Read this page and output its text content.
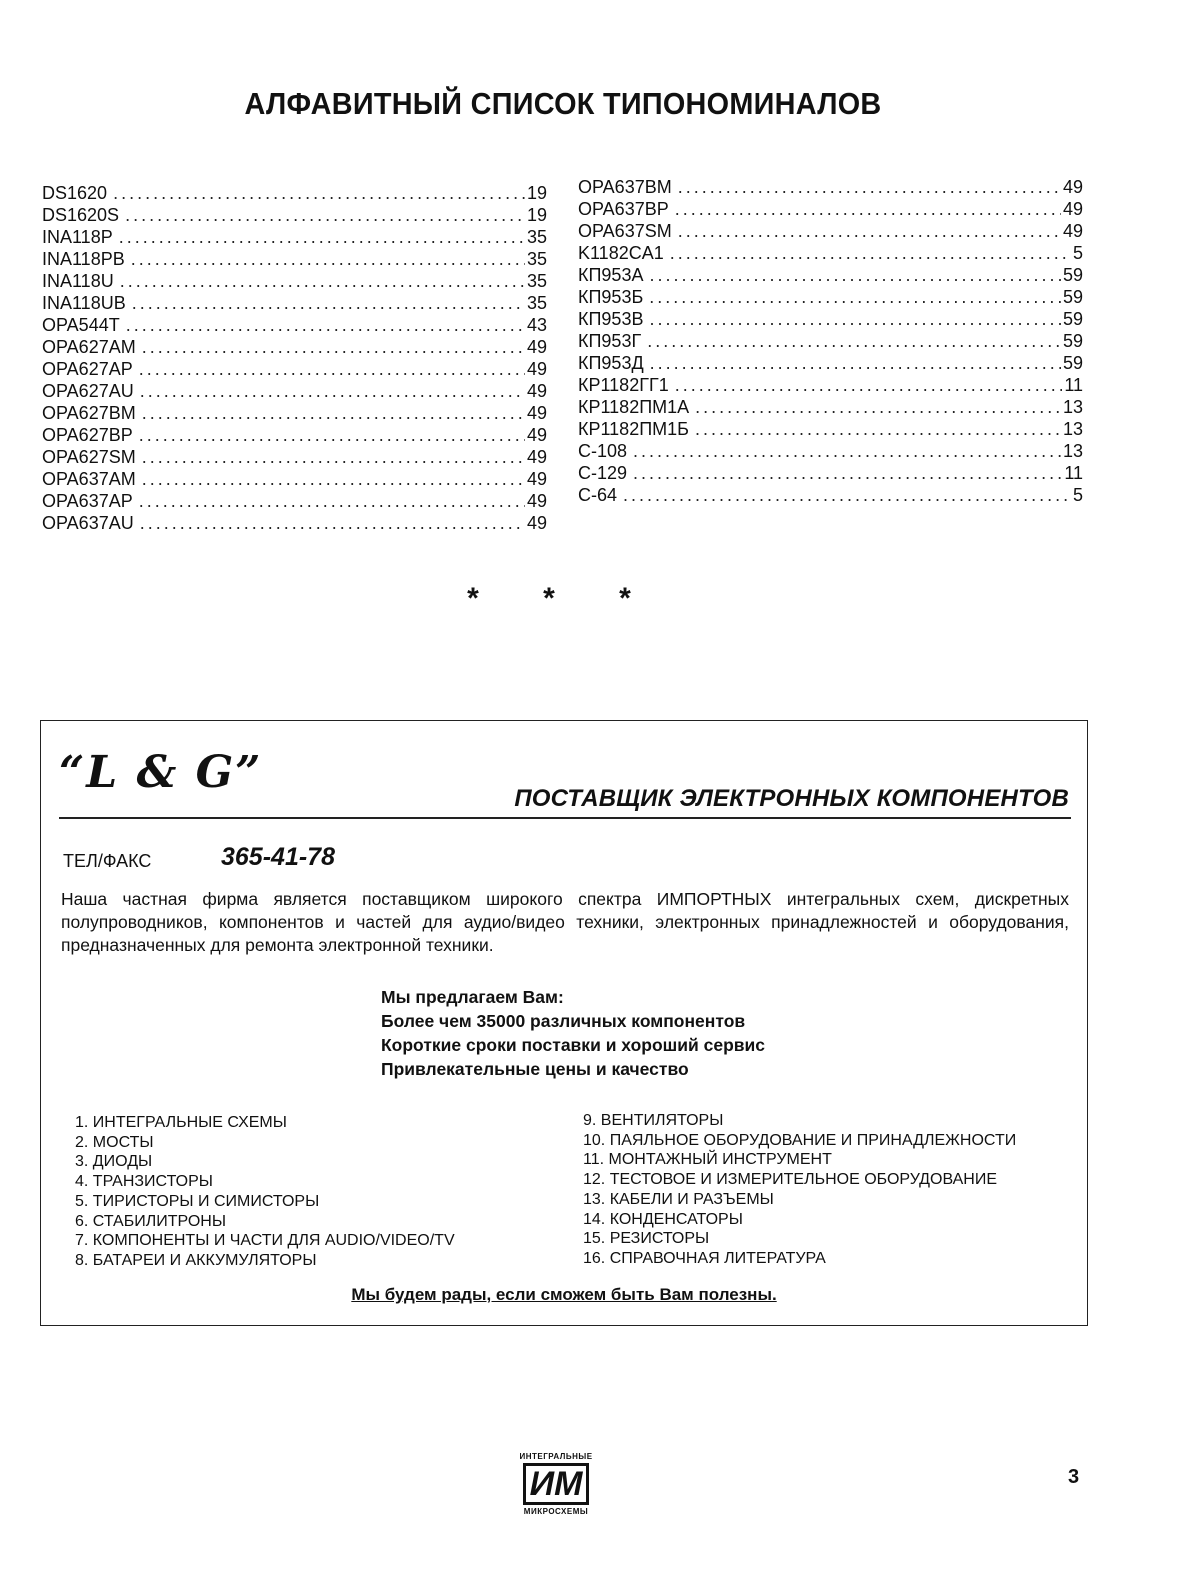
АЛФАВИТНЫЙ СПИСОК ТИПОНОМИНАЛОВ
DS1620 .....	19
DS1620S .....	19
INA118P .....	35
INA118PB .....	35
INA118U .....	35
INA118UB .....	35
OPA544T .....	43
OPA627AM .....	49
OPA627AP .....	49
OPA627AU .....	49
OPA627BM .....	49
OPA627BP .....	49
OPA627SM .....	49
OPA637AM .....	49
OPA637AP .....	49
OPA637AU .....	49
OPA637BM .....	49
OPA637BP .....	49
OPA637SM .....	49
K1182CA1 .....	5
КП953А .....	59
КП953Б .....	59
КП953В .....	59
КП953Г .....	59
КП953Д .....	59
КР1182ГГ1 .....	11
КР1182ПМ1А .....	13
КР1182ПМ1Б .....	13
С-108 .....	13
С-129 .....	11
С-64 .....	5
* * *
“L & G”
ПОСТАВЩИК ЭЛЕКТРОННЫХ КОМПОНЕНТОВ
ТЕЛ/ФАКС	365-41-78
Наша частная фирма является поставщиком широкого спектра ИМПОРТНЫХ интегральных схем, дискретных полупроводников, компонентов и частей для аудио/видео техники, электронных принадлежностей и оборудования, предназначенных для ремонта электронной техники.
Мы предлагаем Вам:
Более чем 35000 различных компонентов
Короткие сроки поставки и хороший сервис
Привлекательные цены и качество
1. ИНТЕГРАЛЬНЫЕ СХЕМЫ
2. МОСТЫ
3. ДИОДЫ
4. ТРАНЗИСТОРЫ
5. ТИРИСТОРЫ И СИМИСТОРЫ
6. СТАБИЛИТРОНЫ
7. КОМПОНЕНТЫ И ЧАСТИ ДЛЯ AUDIO/VIDEO/TV
8. БАТАРЕИ И АККУМУЛЯТОРЫ
9. ВЕНТИЛЯТОРЫ
10. ПАЯЛЬНОЕ ОБОРУДОВАНИЕ И ПРИНАДЛЕЖНОСТИ
11. МОНТАЖНЫЙ ИНСТРУМЕНТ
12. ТЕСТОВОЕ И ИЗМЕРИТЕЛЬНОЕ ОБОРУДОВАНИЕ
13. КАБЕЛИ И РАЗЪЕМЫ
14. КОНДЕНСАТОРЫ
15. РЕЗИСТОРЫ
16. СПРАВОЧНАЯ ЛИТЕРАТУРА
Мы будем рады, если сможем быть Вам полезны.
ИНТЕГРАЛЬНЫЕ
ИМ
МИКРОСХЕМЫ
3
